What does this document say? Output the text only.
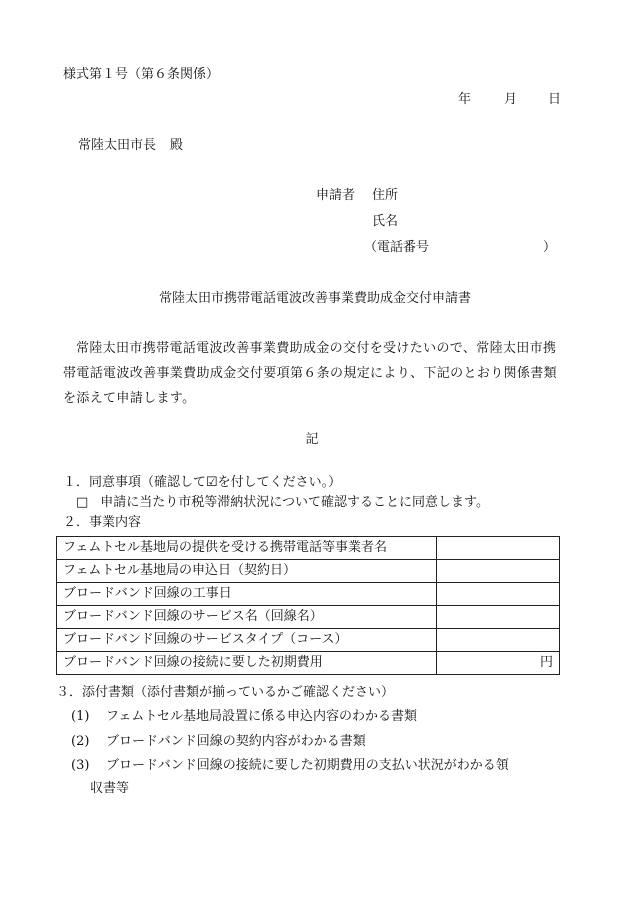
様式第１号（第６条関係）
年	月 日
常陸太田市長 殿
申請者 住所
氏名
（電話番号	）
常陸太田市携帯電話電波改善事業費助成金交付申請書
常陸太田市携帯電話電波改善事業費助成金の交付を受けたいので、常陸太田市携帯電話電波改善事業費助成金交付要項第６条の規定により、下記のとおり関係書類を添えて申請します。
記
１．同意事項（確認して☑を付してください。）
□ 申請に当たり市税等滞納状況について確認することに同意します。
２．事業内容
フェムトセル基地局の提供を受ける携帯電話等事業者名	
フェムトセル基地局の申込日（契約日）	
ブロードバンド回線の工事日	
ブロードバンド回線のサービス名（回線名）	
ブロードバンド回線のサービスタイプ（コース）	
ブロードバンド回線の接続に要した初期費用	円
３．添付書類（添付書類が揃っているかご確認ください）
(1) フェムトセル基地局設置に係る申込内容のわかる書類
(2) ブロードバンド回線の契約内容がわかる書類
(3) ブロードバンド回線の接続に要した初期費用の支払い状況がわかる領
収書等
